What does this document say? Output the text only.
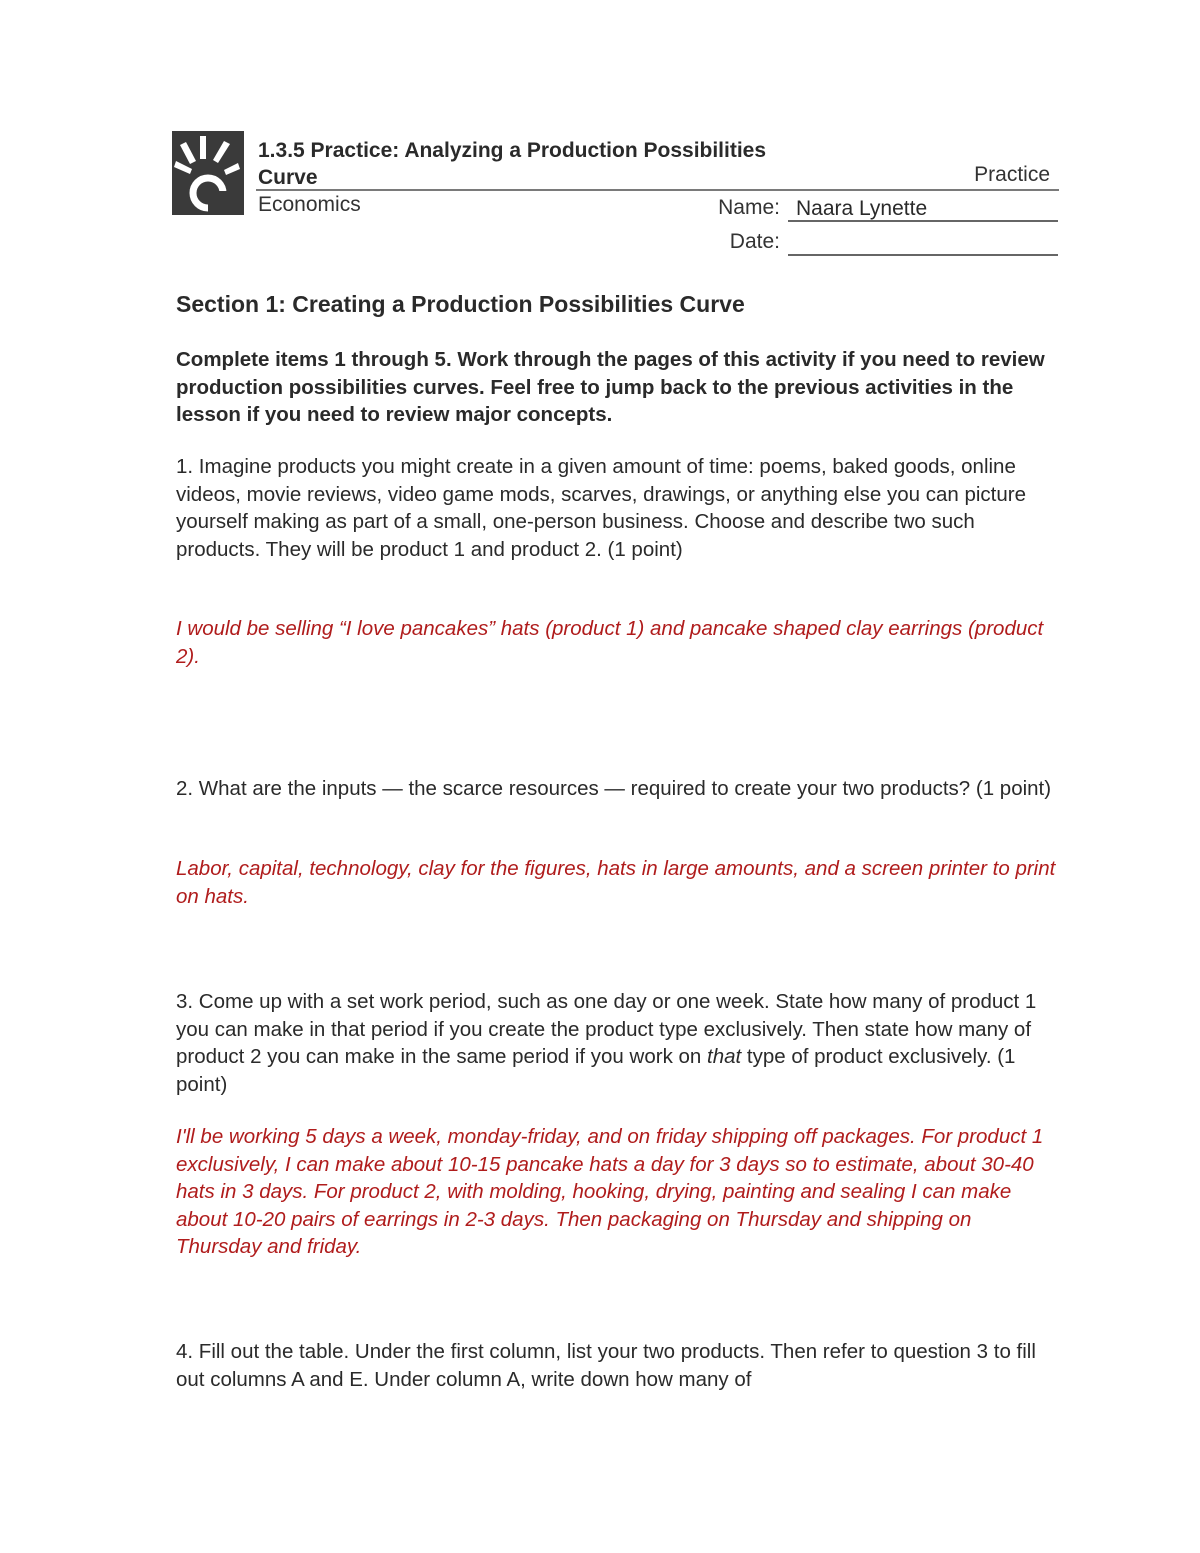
1.3.5 Practice: Analyzing a Production Possibilities Curve	Practice
Economics	Name: Naara Lynette
Date:
Section 1: Creating a Production Possibilities Curve
Complete items 1 through 5. Work through the pages of this activity if you need to review production possibilities curves. Feel free to jump back to the previous activities in the lesson if you need to review major concepts.
1. Imagine products you might create in a given amount of time: poems, baked goods, online videos, movie reviews, video game mods, scarves, drawings, or anything else you can picture yourself making as part of a small, one-person business. Choose and describe two such products. They will be product 1 and product 2. (1 point)
I would be selling “I love pancakes” hats (product 1) and pancake shaped clay earrings (product 2).
2. What are the inputs — the scarce resources — required to create your two products? (1 point)
Labor, capital, technology, clay for the figures, hats in large amounts, and a screen printer to print on hats.
3. Come up with a set work period, such as one day or one week. State how many of product 1 you can make in that period if you create the product type exclusively. Then state how many of product 2 you can make in the same period if you work on that type of product exclusively. (1 point)
I'll be working 5 days a week, monday-friday, and on friday shipping off packages. For product 1 exclusively, I can make about 10-15 pancake hats a day for 3 days so to estimate, about 30-40 hats in 3 days. For product 2, with molding, hooking, drying, painting and sealing I can make about 10-20 pairs of earrings in 2-3 days. Then packaging on Thursday and shipping on Thursday and friday.
4. Fill out the table. Under the first column, list your two products. Then refer to question 3 to fill out columns A and E. Under column A, write down how many of
